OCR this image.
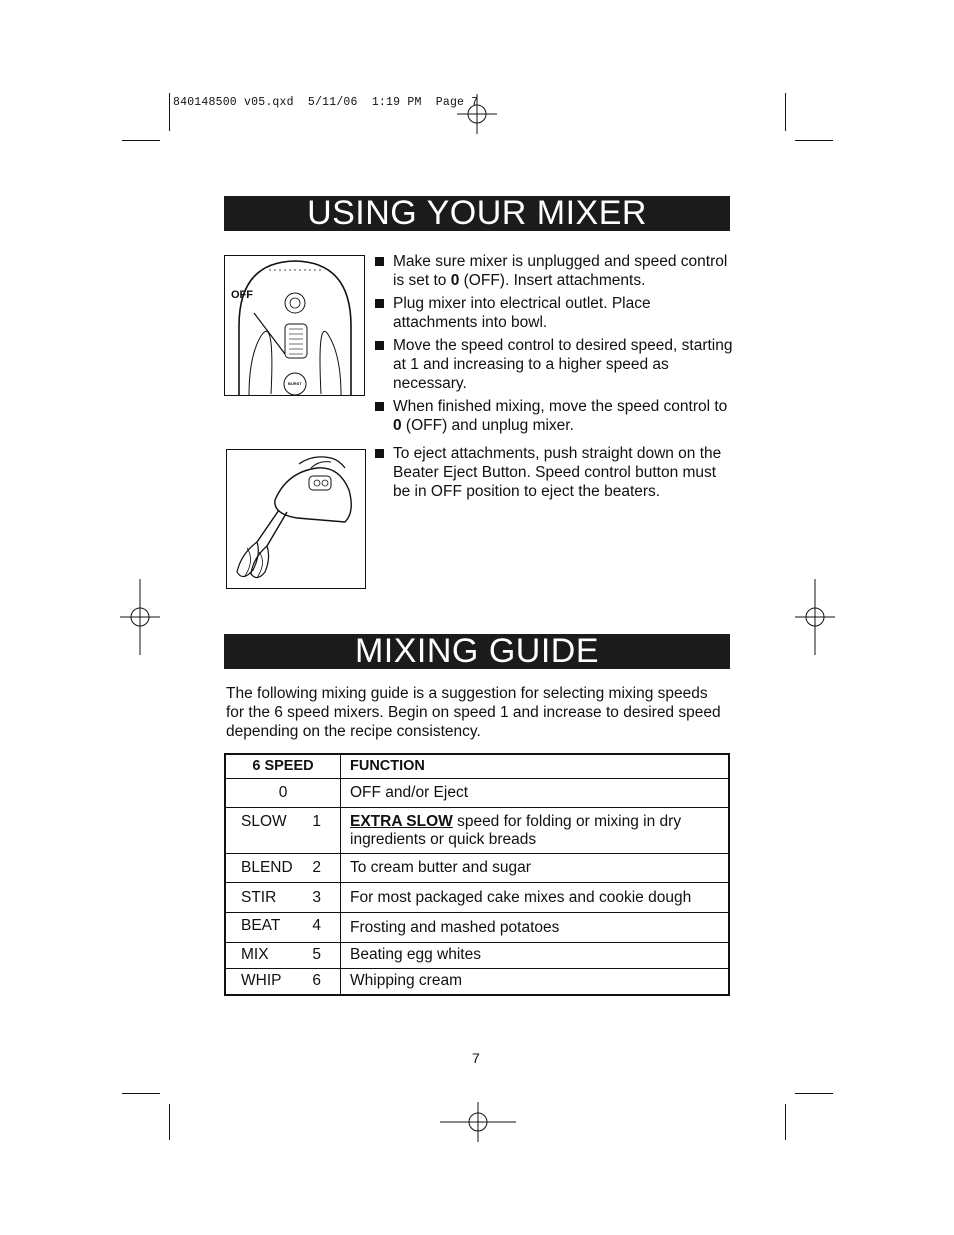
840148500 v05.qxd  5/11/06  1:19 PM  Page 7
USING YOUR MIXER
OFF
BURST
Make sure mixer is unplugged and speed control is set to 0 (OFF). Insert attachments.
Plug mixer into electrical outlet. Place attachments into bowl.
Move the speed control to desired speed, starting at 1 and increasing to a higher speed as necessary.
When finished mixing, move the speed control to 0 (OFF) and unplug mixer.
To eject attachments, push straight down on the Beater Eject Button. Speed control button must be in OFF position to eject the beaters.
MIXING GUIDE
The following mixing guide is a suggestion for selecting mixing speeds for the 6 speed mixers. Begin on speed 1 and increase to desired speed depending on the recipe consistency.
6 SPEED	FUNCTION
0	OFF and/or Eject
SLOW 1	EXTRA SLOW speed for folding or mixing in dry ingredients or quick breads
BLEND 2	To cream butter and sugar
STIR 3	For most packaged cake mixes and cookie dough
BEAT 4	Frosting and mashed potatoes
MIX 5	Beating egg whites
WHIP 6	Whipping cream
7
